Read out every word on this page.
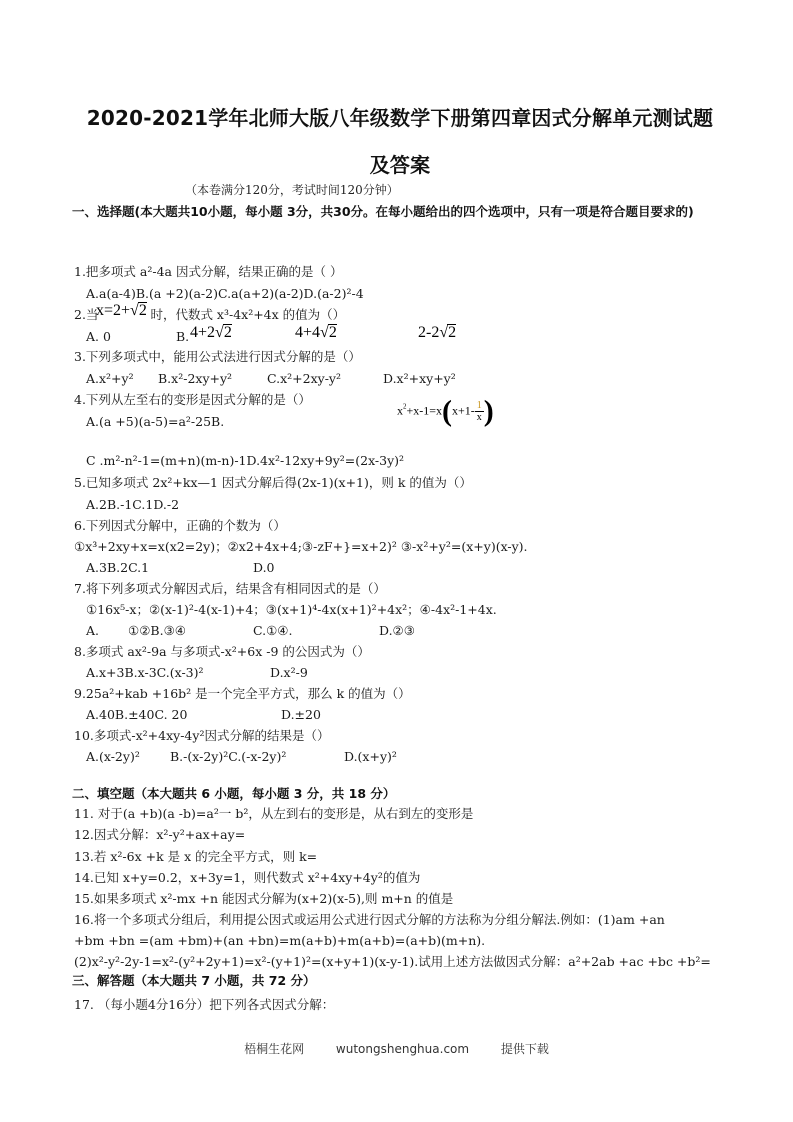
2020-2021学年北师大版八年级数学下册第四章因式分解单元测试题
及答案
（本卷满分120分，考试时间120分钟）
一、选择题(本大题共10小题，每小题 3分，共30分。在每小题给出的四个选项中，只有一项是符合题目要求的)
1.把多项式 a²-4a 因式分解，结果正确的是（ ）
A.a(a-4)B.(a +2)(a-2)C.a(a+2)(a-2)D.(a-2)²-4
2.当	时，代数式 x³-4x²+4x 的值为（）
x=2+√2
A. 0	B. 4+2√2	4+4√2	2-2√2
3.下列多项式中，能用公式法进行因式分解的是（）
A.x²+y² B.x²-2xy+y²	C.x²+2xy-y²	D.x²+xy+y²
4.下列从左至右的变形是因式分解的是（）
A.(a +5)(a-5)=a²-25B.
$x^2+x-1=x(x+1- \frac{1}{x}$ )
C .m²-n²-1=(m+n)(m-n)-1D.4x²-12xy+9y²=(2x-3y)²
5.已知多项式 2x²+kx—1 因式分解后得(2x-1)(x+1)，则 k 的值为（）
A.2B.-1C.1D.-2
6.下列因式分解中，正确的个数为（）
①x³+2xy+x=x(x2=2y)；②x2+4x+4;③-zF+}=x+2)² ③-x²+y²=(x+y)(x-y).
A.3B.2C.1	D.0
7.将下列多项式分解因式后，结果含有相同因式的是（）
①16x⁵-x；②(x-1)²-4(x-1)+4；③(x+1)⁴-4x(x+1)²+4x²；④-4x²-1+4x.
A. ①②B.③④	C.①④.	D.②③
8.多项式 ax²-9a 与多项式-x²+6x -9 的公因式为（）
A.x+3B.x-3C.(x-3)²	D.x²-9
9.25a²+kab +16b² 是一个完全平方式，那么 k 的值为（）
A.40B.±40C. 20	D.±20
10.多项式-x²+4xy-4y²因式分解的结果是（）
A.(x-2y)² B.-(x-2y)²C.(-x-2y)²	D.(x+y)²
二、填空题（本大题共 6 小题，每小题 3 分，共 18 分）
11. 对于(a +b)(a -b)=a²一 b²，从左到右的变形是，从右到左的变形是
12.因式分解：x²-y²+ax+ay=
13.若 x²-6x +k 是 x 的完全平方式，则 k=
14.已知 x+y=0.2，x+3y=1，则代数式 x²+4xy+4y²的值为
15.如果多项式 x²-mx +n 能因式分解为(x+2)(x-5),则 m+n 的值是
16.将一个多项式分组后，利用提公因式或运用公式进行因式分解的方法称为分组分解法.例如：(1)am +an
+bm +bn =(am +bm)+(an +bn)=m(a+b)+m(a+b)=(a+b)(m+n).
(2)x²-y²-2y-1=x²-(y²+2y+1)=x²-(y+1)²=(x+y+1)(x-y-1).试用上述方法做因式分解：a²+2ab +ac +bc +b²=
三、解答题（本大题共 7 小题，共 72 分）
17. （每小题4分16分）把下列各式因式分解：
梧桐生花网	wutongshenghua.com	提供下载
